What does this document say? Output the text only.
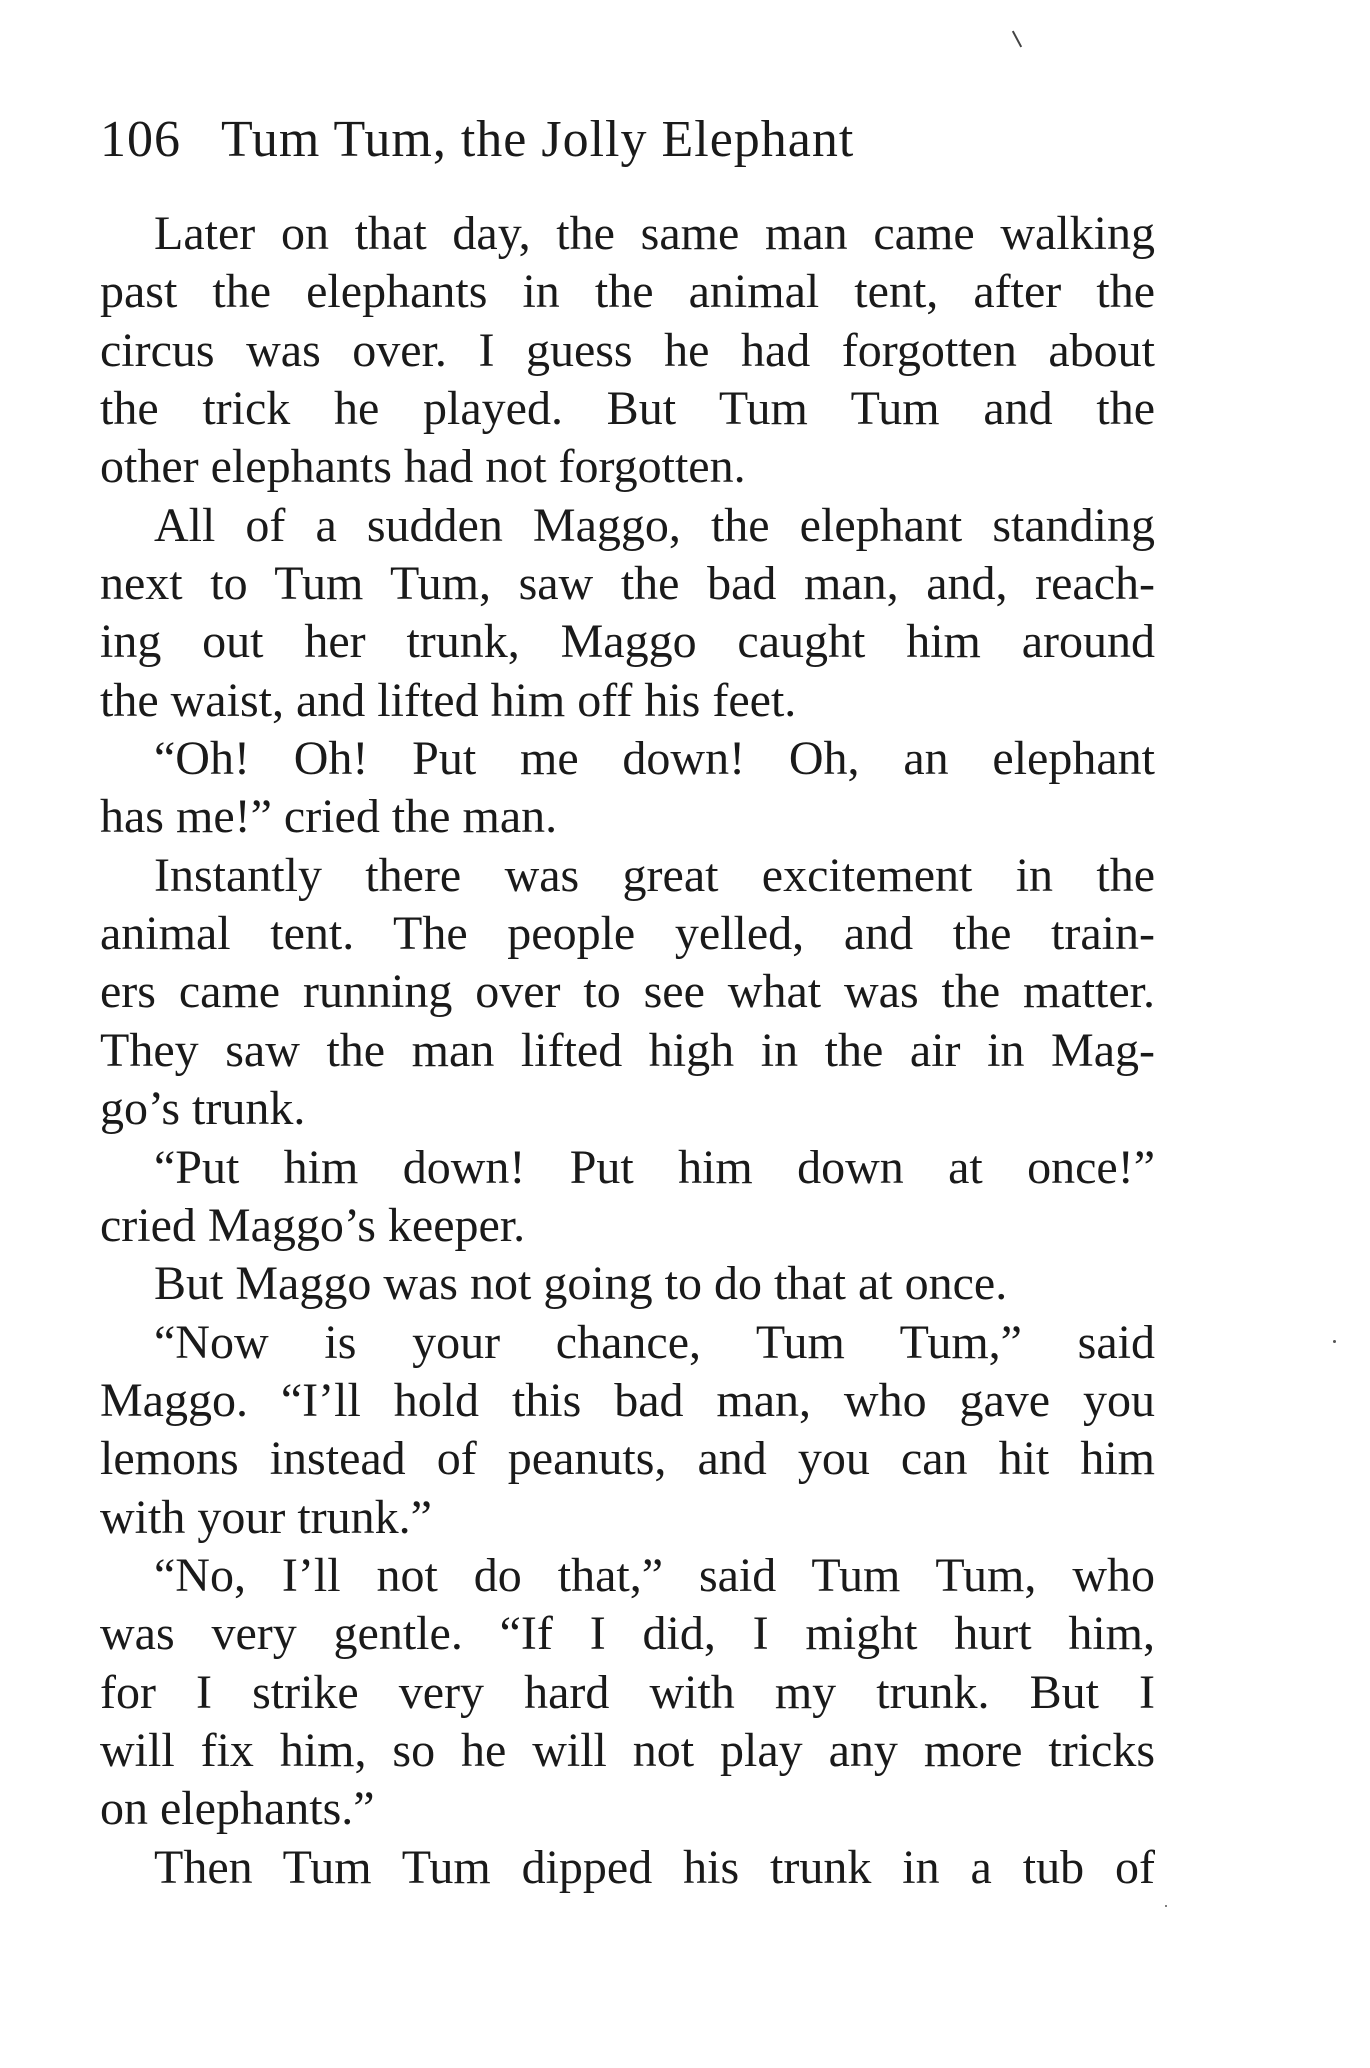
106 Tum Tum, the Jolly Elephant
Later on that day, the same man came walking
past the elephants in the animal tent, after the
circus was over. I guess he had forgotten about
the trick he played. But Tum Tum and the
other elephants had not forgotten.
All of a sudden Maggo, the elephant standing
next to Tum Tum, saw the bad man, and, reach-
ing out her trunk, Maggo caught him around
the waist, and lifted him off his feet.
“Oh! Oh! Put me down! Oh, an elephant
has me!” cried the man.
Instantly there was great excitement in the
animal tent. The people yelled, and the train-
ers came running over to see what was the matter.
They saw the man lifted high in the air in Mag-
go’s trunk.
“Put him down! Put him down at once!”
cried Maggo’s keeper.
But Maggo was not going to do that at once.
“Now is your chance, Tum Tum,” said
Maggo. “I’ll hold this bad man, who gave you
lemons instead of peanuts, and you can hit him
with your trunk.”
“No, I’ll not do that,” said Tum Tum, who
was very gentle. “If I did, I might hurt him,
for I strike very hard with my trunk. But I
will fix him, so he will not play any more tricks
on elephants.”
Then Tum Tum dipped his trunk in a tub of
